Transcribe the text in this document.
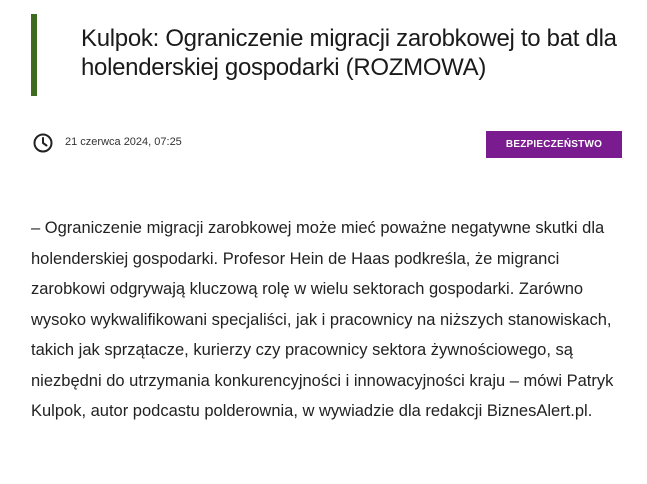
Kulpok: Ograniczenie migracji zarobkowej to bat dla holenderskiej gospodarki (ROZMOWA)
21 czerwca 2024, 07:25	BEZPIECZEŃSTWO

– Ograniczenie migracji zarobkowej może mieć poważne negatywne skutki dla holenderskiej gospodarki. Profesor Hein de Haas podkreśla, że migranci zarobkowi odgrywają kluczową rolę w wielu sektorach gospodarki. Zarówno wysoko wykwalifikowani specjaliści, jak i pracownicy na niższych stanowiskach, takich jak sprzątacze, kurierzy czy pracownicy sektora żywnościowego, są niezbędni do utrzymania konkurencyjności i innowacyjności kraju – mówi Patryk Kulpok, autor podcastu polderownia, w wywiadzie dla redakcji BiznesAlert.pl.
